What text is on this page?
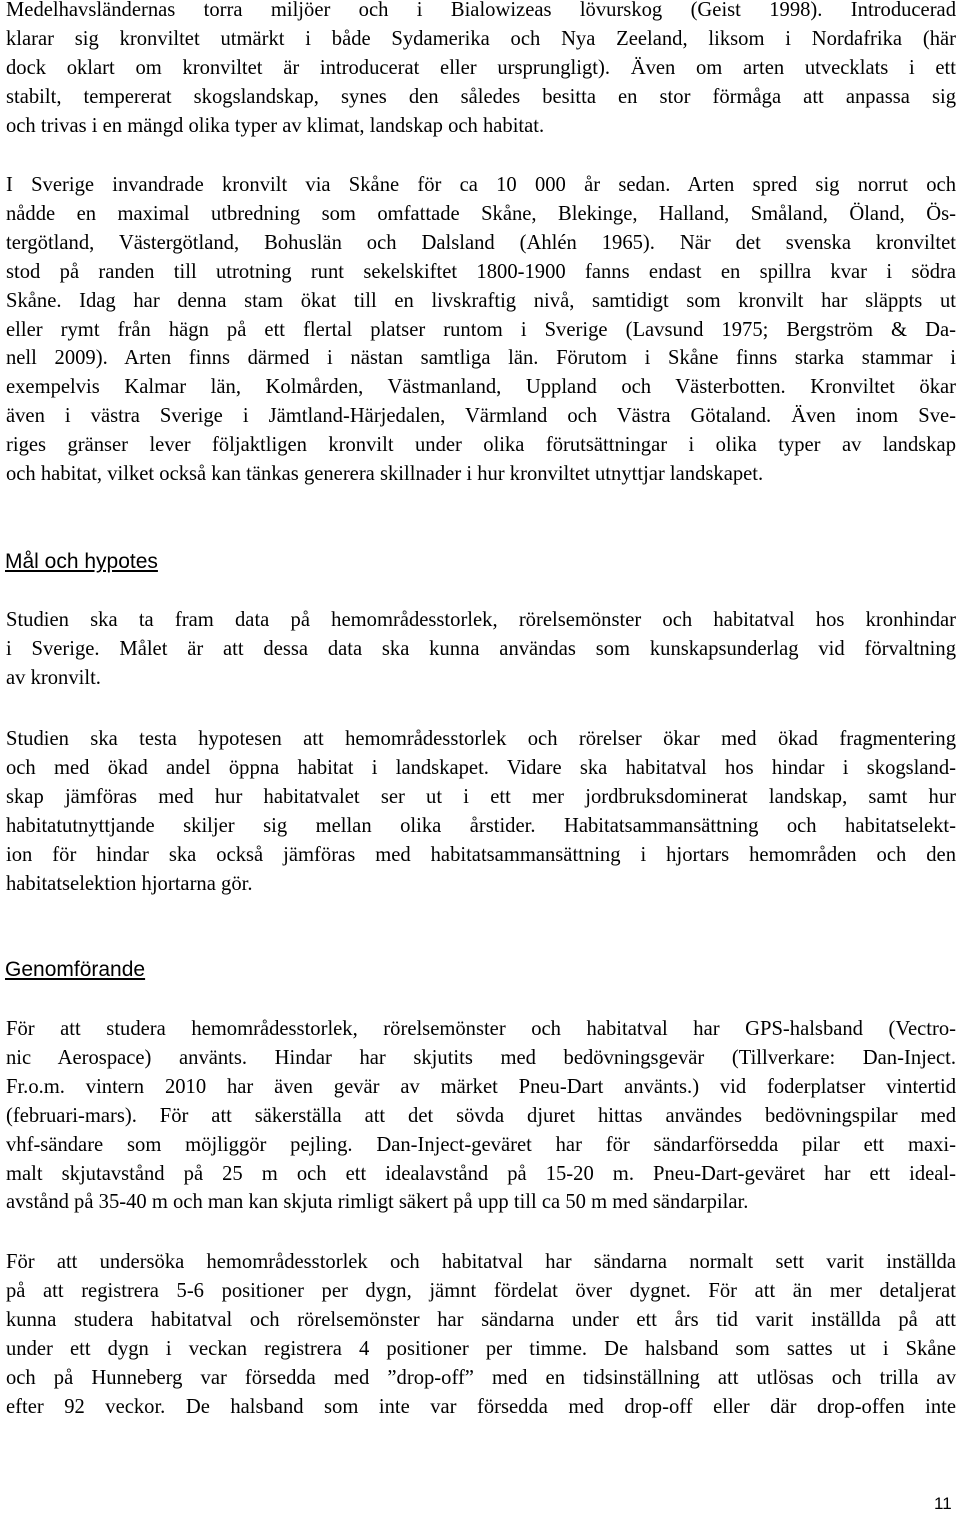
Medelhavsländernas torra miljöer och i Bialowizeas lövurskog (Geist 1998). Introducerad
klarar sig kronviltet utmärkt i både Sydamerika och Nya Zeeland, liksom i Nordafrika (här
dock oklart om kronviltet är introducerat eller ursprungligt). Även om arten utvecklats i ett
stabilt, tempererat skogslandskap, synes den således besitta en stor förmåga att anpassa sig
och trivas i en mängd olika typer av klimat, landskap och habitat.
I Sverige invandrade kronvilt via Skåne för ca 10 000 år sedan. Arten spred sig norrut och
nådde en maximal utbredning som omfattade Skåne, Blekinge, Halland, Småland, Öland, Ös-
tergötland, Västergötland, Bohuslän och Dalsland (Ahlén 1965). När det svenska kronviltet
stod på randen till utrotning runt sekelskiftet 1800-1900 fanns endast en spillra kvar i södra
Skåne. Idag har denna stam ökat till en livskraftig nivå, samtidigt som kronvilt har släppts ut
eller rymt från hägn på ett flertal platser runtom i Sverige (Lavsund 1975; Bergström & Da-
nell 2009). Arten finns därmed i nästan samtliga län. Förutom i Skåne finns starka stammar i
exempelvis Kalmar län, Kolmården, Västmanland, Uppland och Västerbotten. Kronviltet ökar
även i västra Sverige i Jämtland-Härjedalen, Värmland och Västra Götaland. Även inom Sve-
riges gränser lever följaktligen kronvilt under olika förutsättningar i olika typer av landskap
och habitat, vilket också kan tänkas generera skillnader i hur kronviltet utnyttjar landskapet.
Mål och hypotes
Studien ska ta fram data på hemområdesstorlek, rörelsemönster och habitatval hos kronhindar
i Sverige. Målet är att dessa data ska kunna användas som kunskapsunderlag vid förvaltning
av kronvilt.
Studien ska testa hypotesen att hemområdesstorlek och rörelser ökar med ökad fragmentering
och med ökad andel öppna habitat i landskapet. Vidare ska habitatval hos hindar i skogsland-
skap jämföras med hur habitatvalet ser ut i ett mer jordbruksdominerat landskap, samt hur
habitatutnyttjande skiljer sig mellan olika årstider. Habitatsammansättning och habitatselekt-
ion för hindar ska också jämföras med habitatsammansättning i hjortars hemområden och den
habitatselektion hjortarna gör.
Genomförande
För att studera hemområdesstorlek, rörelsemönster och habitatval har GPS-halsband (Vectro-
nic Aerospace) använts. Hindar har skjutits med bedövningsgevär (Tillverkare: Dan-Inject.
Fr.o.m. vintern 2010 har även gevär av märket Pneu-Dart använts.) vid foderplatser vintertid
(februari-mars). För att säkerställa att det sövda djuret hittas användes bedövningspilar med
vhf-sändare som möjliggör pejling. Dan-Inject-geväret har för sändarförsedda pilar ett maxi-
malt skjutavstånd på 25 m och ett idealavstånd på 15-20 m. Pneu-Dart-geväret har ett ideal-
avstånd på 35-40 m och man kan skjuta rimligt säkert på upp till ca 50 m med sändarpilar.
För att undersöka hemområdesstorlek och habitatval har sändarna normalt sett varit inställda
på att registrera 5-6 positioner per dygn, jämnt fördelat över dygnet. För att än mer detaljerat
kunna studera habitatval och rörelsemönster har sändarna under ett års tid varit inställda på att
under ett dygn i veckan registrera 4 positioner per timme. De halsband som sattes ut i Skåne
och på Hunneberg var försedda med ”drop-off” med en tidsinställning att utlösas och trilla av
efter 92 veckor. De halsband som inte var försedda med drop-off eller där drop-offen inte

11
